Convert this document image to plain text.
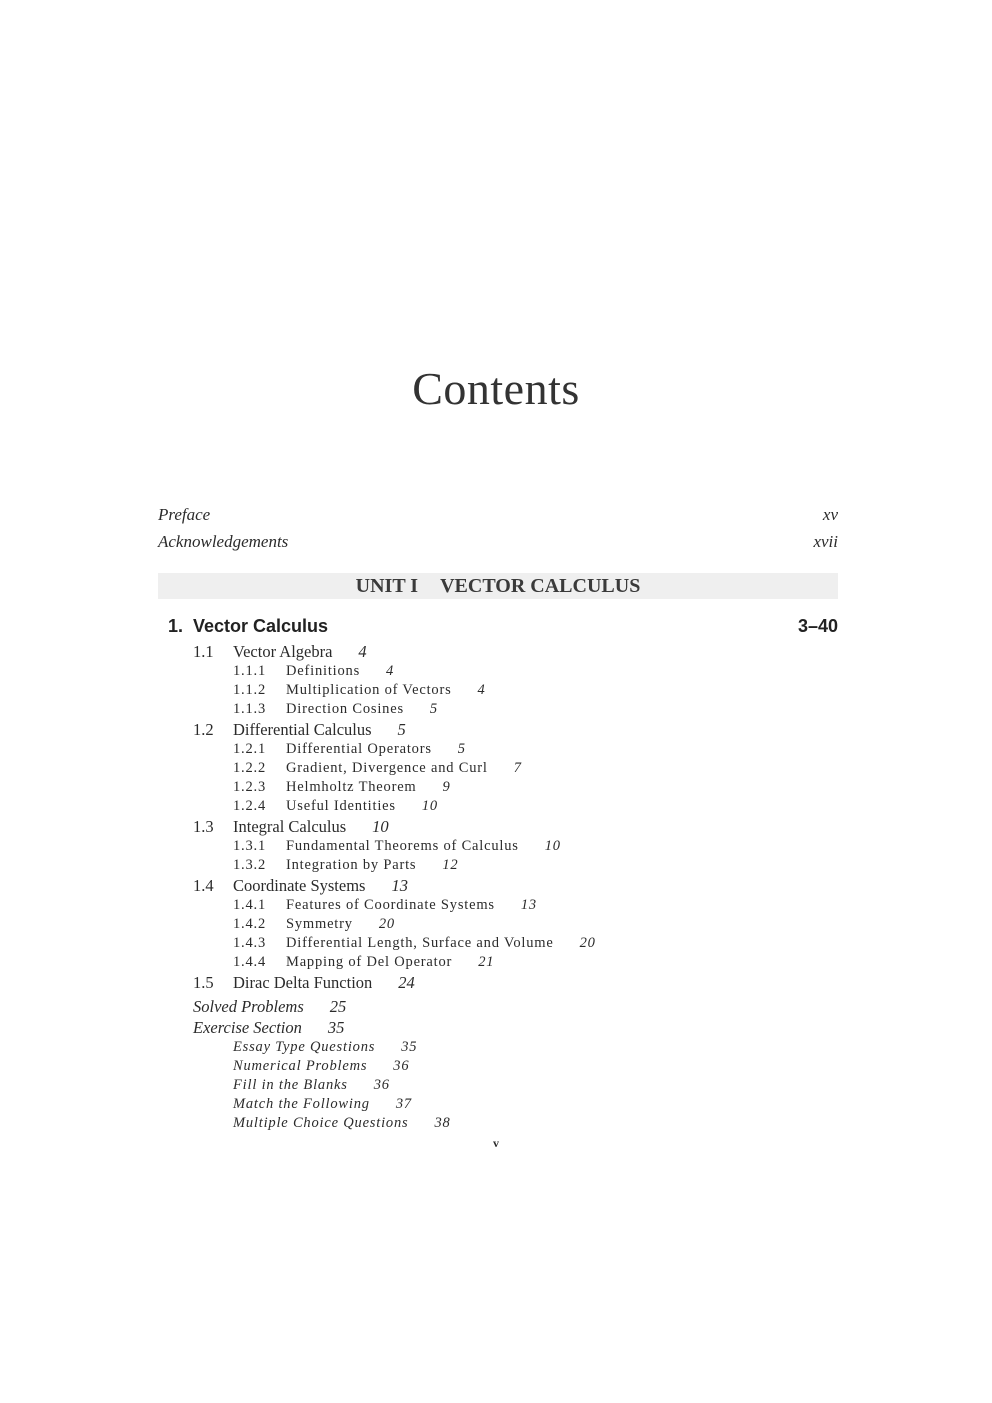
Contents
Preface	xv
Acknowledgements	xvii
UNIT I VECTOR CALCULUS
1. Vector Calculus	3–40
1.1 Vector Algebra 4
1.1.1 Definitions 4
1.1.2 Multiplication of Vectors 4
1.1.3 Direction Cosines 5
1.2 Differential Calculus 5
1.2.1 Differential Operators 5
1.2.2 Gradient, Divergence and Curl 7
1.2.3 Helmholtz Theorem 9
1.2.4 Useful Identities 10
1.3 Integral Calculus 10
1.3.1 Fundamental Theorems of Calculus 10
1.3.2 Integration by Parts 12
1.4 Coordinate Systems 13
1.4.1 Features of Coordinate Systems 13
1.4.2 Symmetry 20
1.4.3 Differential Length, Surface and Volume 20
1.4.4 Mapping of Del Operator 21
1.5 Dirac Delta Function 24
Solved Problems 25
Exercise Section 35
Essay Type Questions 35
Numerical Problems 36
Fill in the Blanks 36
Match the Following 37
Multiple Choice Questions 38
v
